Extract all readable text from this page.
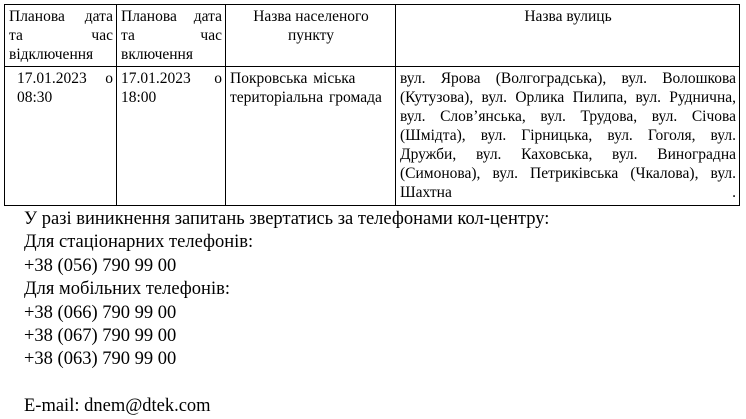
Планова дата та час відключення	Планова дата та час включення	Назва населеного пункту	Назва вулиць
17.01.2023 о 08:30	17.01.2023 о 18:00	Покровська міська територіальна громада	вул. Ярова (Волгоградська), вул. Волошкова (Кутузова), вул. Орлика Пилипа, вул. Руднична, вул. Слов’янська, вул. Трудова, вул. Січова (Шмідта), вул. Гірницька, вул. Гоголя, вул. Дружби, вул. Каховська, вул. Виноградна (Симонова), вул. Петриківська (Чкалова), вул. Шахтна .
У разі виникнення запитань звертатись за телефонами кол-центру:
Для стаціонарних телефонів:
+38 (056) 790 99 00
Для мобільних телефонів:
+38 (066) 790 99 00
+38 (067) 790 99 00
+38 (063) 790 99 00
E-mail: dnem@dtek.com
